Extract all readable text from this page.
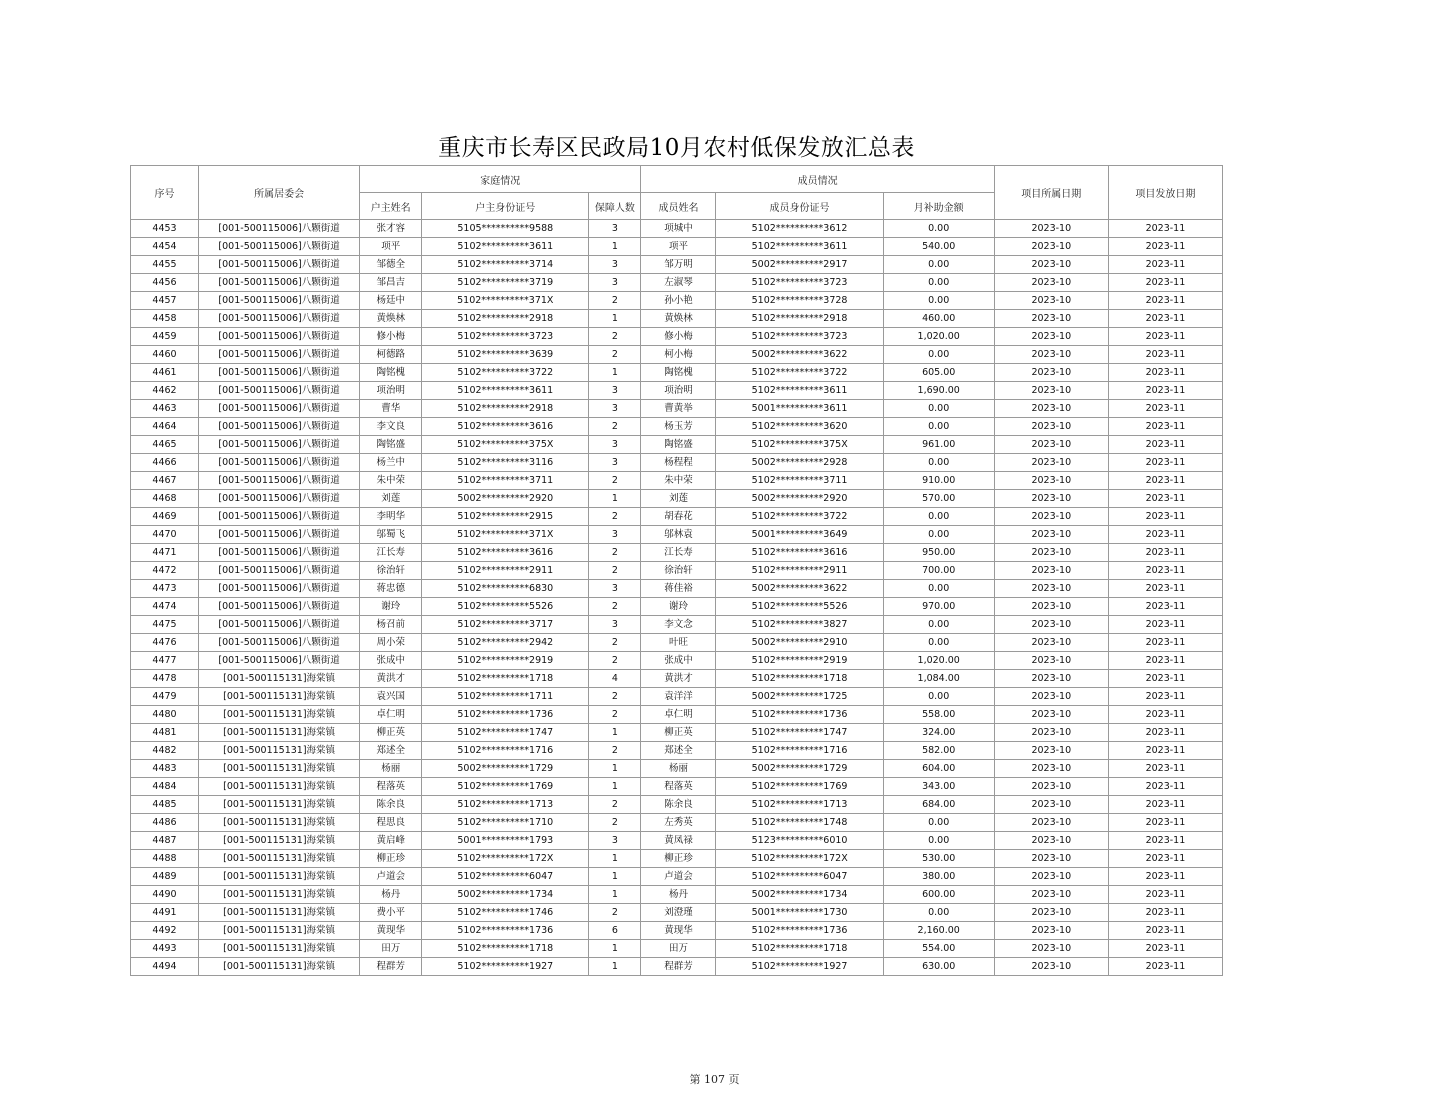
重庆市长寿区民政局10月农村低保发放汇总表
序号	所属居委会	家庭情况			成员情况			项目所属日期	项目发放日期
		户主姓名	户主身份证号	保障人数	成员姓名	成员身份证号	月补助金额		
4453	[001-500115006]八颗街道	张才容	5105**********9588	3	项城中	5102**********3612	0.00	2023-10	2023-11
4454	[001-500115006]八颗街道	项平	5102**********3611	1	项平	5102**********3611	540.00	2023-10	2023-11
4455	[001-500115006]八颗街道	邹德全	5102**********3714	3	邹万明	5002**********2917	0.00	2023-10	2023-11
4456	[001-500115006]八颗街道	邹昌吉	5102**********3719	3	左淑琴	5102**********3723	0.00	2023-10	2023-11
4457	[001-500115006]八颗街道	杨廷中	5102**********371X	2	孙小艳	5102**********3728	0.00	2023-10	2023-11
4458	[001-500115006]八颗街道	黄焕林	5102**********2918	1	黄焕林	5102**********2918	460.00	2023-10	2023-11
4459	[001-500115006]八颗街道	修小梅	5102**********3723	2	修小梅	5102**********3723	1,020.00	2023-10	2023-11
4460	[001-500115006]八颗街道	柯德路	5102**********3639	2	柯小梅	5002**********3622	0.00	2023-10	2023-11
4461	[001-500115006]八颗街道	陶铭槐	5102**********3722	1	陶铭槐	5102**********3722	605.00	2023-10	2023-11
4462	[001-500115006]八颗街道	项治明	5102**********3611	3	项治明	5102**********3611	1,690.00	2023-10	2023-11
4463	[001-500115006]八颗街道	曹华	5102**********2918	3	曹黄举	5001**********3611	0.00	2023-10	2023-11
4464	[001-500115006]八颗街道	李文良	5102**********3616	2	杨玉芳	5102**********3620	0.00	2023-10	2023-11
4465	[001-500115006]八颗街道	陶铭盛	5102**********375X	3	陶铭盛	5102**********375X	961.00	2023-10	2023-11
4466	[001-500115006]八颗街道	杨兰中	5102**********3116	3	杨程程	5002**********2928	0.00	2023-10	2023-11
4467	[001-500115006]八颗街道	朱中荣	5102**********3711	2	朱中荣	5102**********3711	910.00	2023-10	2023-11
4468	[001-500115006]八颗街道	刘莲	5002**********2920	1	刘莲	5002**********2920	570.00	2023-10	2023-11
4469	[001-500115006]八颗街道	李明华	5102**********2915	2	胡春花	5102**********3722	0.00	2023-10	2023-11
4470	[001-500115006]八颗街道	邬蜀飞	5102**********371X	3	邬林袁	5001**********3649	0.00	2023-10	2023-11
4471	[001-500115006]八颗街道	江长寿	5102**********3616	2	江长寿	5102**********3616	950.00	2023-10	2023-11
4472	[001-500115006]八颗街道	徐治轩	5102**********2911	2	徐治轩	5102**********2911	700.00	2023-10	2023-11
4473	[001-500115006]八颗街道	蒋忠德	5102**********6830	3	蒋佳裕	5002**********3622	0.00	2023-10	2023-11
4474	[001-500115006]八颗街道	谢玲	5102**********5526	2	谢玲	5102**********5526	970.00	2023-10	2023-11
4475	[001-500115006]八颗街道	杨召前	5102**********3717	3	李文念	5102**********3827	0.00	2023-10	2023-11
4476	[001-500115006]八颗街道	周小荣	5102**********2942	2	叶旺	5002**********2910	0.00	2023-10	2023-11
4477	[001-500115006]八颗街道	张成中	5102**********2919	2	张成中	5102**********2919	1,020.00	2023-10	2023-11
4478	[001-500115131]海棠镇	黄洪才	5102**********1718	4	黄洪才	5102**********1718	1,084.00	2023-10	2023-11
4479	[001-500115131]海棠镇	袁兴国	5102**********1711	2	袁洋洋	5002**********1725	0.00	2023-10	2023-11
4480	[001-500115131]海棠镇	卓仁明	5102**********1736	2	卓仁明	5102**********1736	558.00	2023-10	2023-11
4481	[001-500115131]海棠镇	柳正英	5102**********1747	1	柳正英	5102**********1747	324.00	2023-10	2023-11
4482	[001-500115131]海棠镇	郑述全	5102**********1716	2	郑述全	5102**********1716	582.00	2023-10	2023-11
4483	[001-500115131]海棠镇	杨丽	5002**********1729	1	杨丽	5002**********1729	604.00	2023-10	2023-11
4484	[001-500115131]海棠镇	程落英	5102**********1769	1	程落英	5102**********1769	343.00	2023-10	2023-11
4485	[001-500115131]海棠镇	陈余良	5102**********1713	2	陈余良	5102**********1713	684.00	2023-10	2023-11
4486	[001-500115131]海棠镇	程思良	5102**********1710	2	左秀英	5102**********1748	0.00	2023-10	2023-11
4487	[001-500115131]海棠镇	黄启峰	5001**********1793	3	黄凤禄	5123**********6010	0.00	2023-10	2023-11
4488	[001-500115131]海棠镇	柳正珍	5102**********172X	1	柳正珍	5102**********172X	530.00	2023-10	2023-11
4489	[001-500115131]海棠镇	卢道会	5102**********6047	1	卢道会	5102**********6047	380.00	2023-10	2023-11
4490	[001-500115131]海棠镇	杨丹	5002**********1734	1	杨丹	5002**********1734	600.00	2023-10	2023-11
4491	[001-500115131]海棠镇	费小平	5102**********1746	2	刘澄瑾	5001**********1730	0.00	2023-10	2023-11
4492	[001-500115131]海棠镇	黄现华	5102**********1736	6	黄现华	5102**********1736	2,160.00	2023-10	2023-11
4493	[001-500115131]海棠镇	田万	5102**********1718	1	田万	5102**********1718	554.00	2023-10	2023-11
4494	[001-500115131]海棠镇	程群芳	5102**********1927	1	程群芳	5102**********1927	630.00	2023-10	2023-11
第 107 页
